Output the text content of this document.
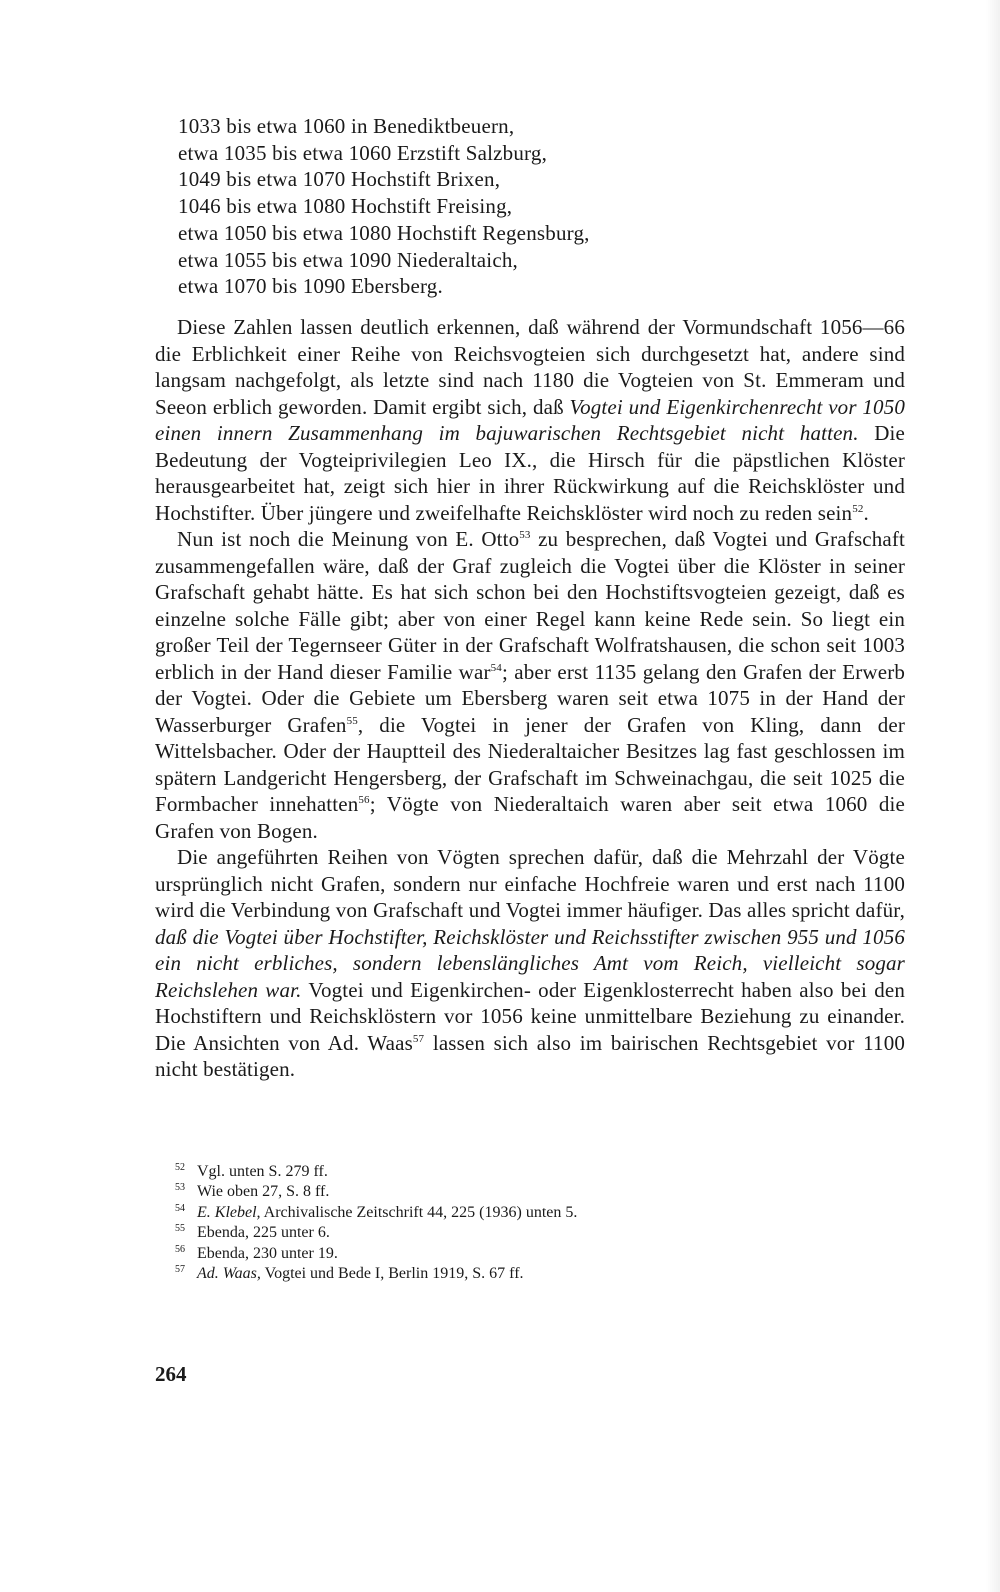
1033 bis etwa 1060 in Benediktbeuern,
etwa 1035 bis etwa 1060 Erzstift Salzburg,
1049 bis etwa 1070 Hochstift Brixen,
1046 bis etwa 1080 Hochstift Freising,
etwa 1050 bis etwa 1080 Hochstift Regensburg,
etwa 1055 bis etwa 1090 Niederaltaich,
etwa 1070 bis 1090 Ebersberg.

Diese Zahlen lassen deutlich erkennen, daß während der Vormundschaft 1056—66 die Erblichkeit einer Reihe von Reichsvogteien sich durchgesetzt hat, andere sind langsam nachgefolgt, als letzte sind nach 1180 die Vogteien von St. Emmeram und Seeon erblich geworden. Damit ergibt sich, daß Vogtei und Eigenkirchenrecht vor 1050 einen innern Zusammenhang im bajuwarischen Rechtsgebiet nicht hatten. Die Bedeutung der Vogteiprivilegien Leo IX., die Hirsch für die päpstlichen Klöster herausgearbeitet hat, zeigt sich hier in ihrer Rückwirkung auf die Reichsklöster und Hochstifter. Über jüngere und zweifelhafte Reichsklöster wird noch zu reden sein$^{52}$.

Nun ist noch die Meinung von E. Otto$^{53}$ zu besprechen, daß Vogtei und Grafschaft zusammengefallen wäre, daß der Graf zugleich die Vogtei über die Klöster in seiner Grafschaft gehabt hätte. Es hat sich schon bei den Hochstiftsvogteien gezeigt, daß es einzelne solche Fälle gibt; aber von einer Regel kann keine Rede sein. So liegt ein großer Teil der Tegernseer Güter in der Grafschaft Wolfratshausen, die schon seit 1003 erblich in der Hand dieser Familie war$^{54}$; aber erst 1135 gelang den Grafen der Erwerb der Vogtei. Oder die Gebiete um Ebersberg waren seit etwa 1075 in der Hand der Wasserburger Grafen$^{55}$, die Vogtei in jener der Grafen von Kling, dann der Wittelsbacher. Oder der Hauptteil des Niederaltaicher Besitzes lag fast geschlossen im spätern Landgericht Hengersberg, der Grafschaft im Schweinachgau, die seit 1025 die Formbacher innehatten$^{56}$; Vögte von Niederaltaich waren aber seit etwa 1060 die Grafen von Bogen.

Die angeführten Reihen von Vögten sprechen dafür, daß die Mehrzahl der Vögte ursprünglich nicht Grafen, sondern nur einfache Hochfreie waren und erst nach 1100 wird die Verbindung von Grafschaft und Vogtei immer häufiger. Das alles spricht dafür, daß die Vogtei über Hochstifter, Reichsklöster und Reichsstifter zwischen 955 und 1056 ein nicht erbliches, sondern lebenslängliches Amt vom Reich, vielleicht sogar Reichslehen war. Vogtei und Eigenkirchen- oder Eigenklosterrecht haben also bei den Hochstiftern und Reichsklöstern vor 1056 keine unmittelbare Beziehung zu einander. Die Ansichten von Ad. Waas$^{57}$ lassen sich also im bairischen Rechtsgebiet vor 1100 nicht bestätigen.

52 Vgl. unten S. 279 ff.
53 Wie oben 27, S. 8 ff.
54 E. Klebel, Archivalische Zeitschrift 44, 225 (1936) unten 5.
55 Ebenda, 225 unter 6.
56 Ebenda, 230 unter 19.
57 Ad. Waas, Vogtei und Bede I, Berlin 1919, S. 67 ff.
264
